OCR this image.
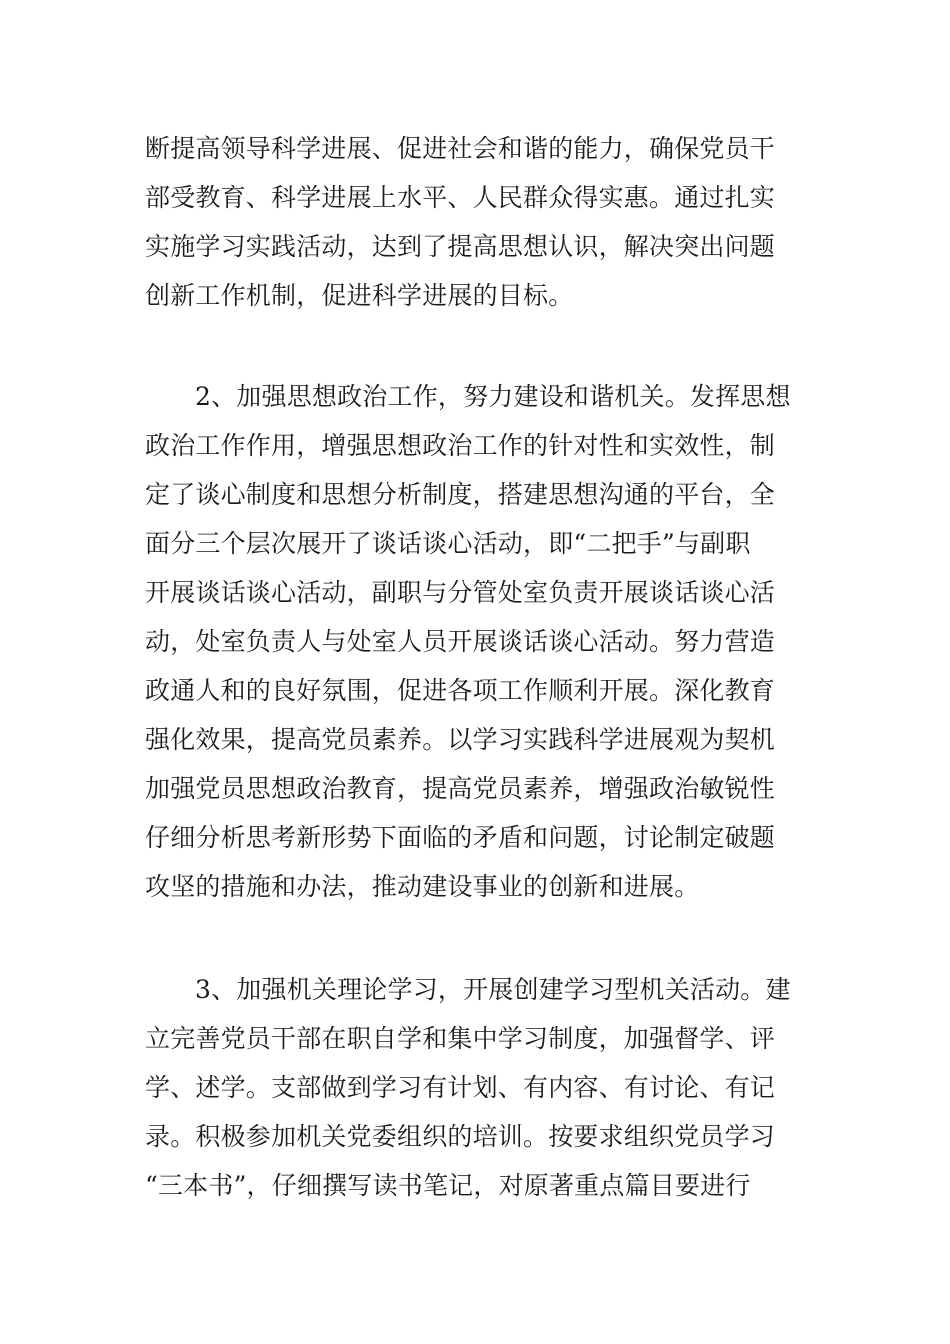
断提高领导科学进展、促进社会和谐的能力，确保党员干
部受教育、科学进展上水平、人民群众得实惠。通过扎实
实施学习实践活动，达到了提高思想认识，解决突出问题
创新工作机制，促进科学进展的目标。
2、加强思想政治工作，努力建设和谐机关。发挥思想
政治工作作用，增强思想政治工作的针对性和实效性，制
定了谈心制度和思想分析制度，搭建思想沟通的平台，全
面分三个层次展开了谈话谈心活动，即“二把手”与副职
开展谈话谈心活动，副职与分管处室负责开展谈话谈心活
动，处室负责人与处室人员开展谈话谈心活动。努力营造
政通人和的良好氛围，促进各项工作顺利开展。深化教育
强化效果，提高党员素养。以学习实践科学进展观为契机
加强党员思想政治教育，提高党员素养，增强政治敏锐性
仔细分析思考新形势下面临的矛盾和问题，讨论制定破题
攻坚的措施和办法，推动建设事业的创新和进展。
3、加强机关理论学习，开展创建学习型机关活动。建
立完善党员干部在职自学和集中学习制度，加强督学、评
学、述学。支部做到学习有计划、有内容、有讨论、有记
录。积极参加机关党委组织的培训。按要求组织党员学习
“三本书”，仔细撰写读书笔记，对原著重点篇目要进行
